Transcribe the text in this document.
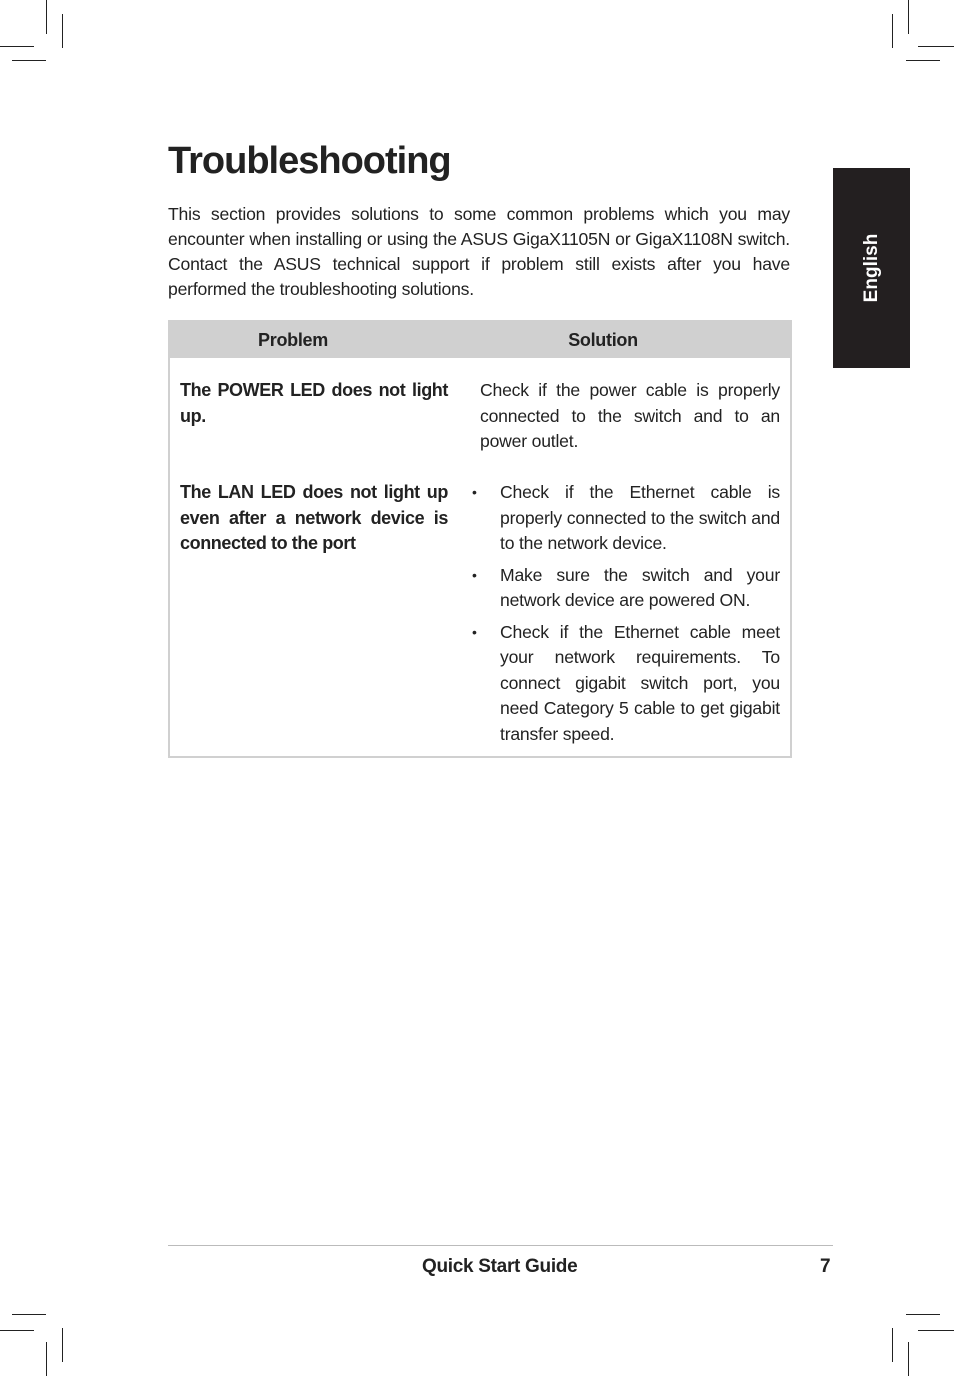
English
Troubleshooting

This section provides solutions to some common problems which you may encounter when installing or using the ASUS GigaX1105N or GigaX1108N switch. Contact the ASUS technical support if problem still exists after you have performed the troubleshooting solutions.

Problem	Solution
The POWER LED does not light up.
Check if the power cable is properly connected to the switch and to an power outlet.
The LAN LED does not light up even after a network device is connected to the port
• Check if the Ethernet cable is properly connected to the switch and to the network device.
• Make sure the switch and your network device are powered ON.
• Check if the Ethernet cable meet your network requirements. To connect gigabit switch port, you need Category 5 cable to get gigabit transfer speed.
Quick Start Guide	7
